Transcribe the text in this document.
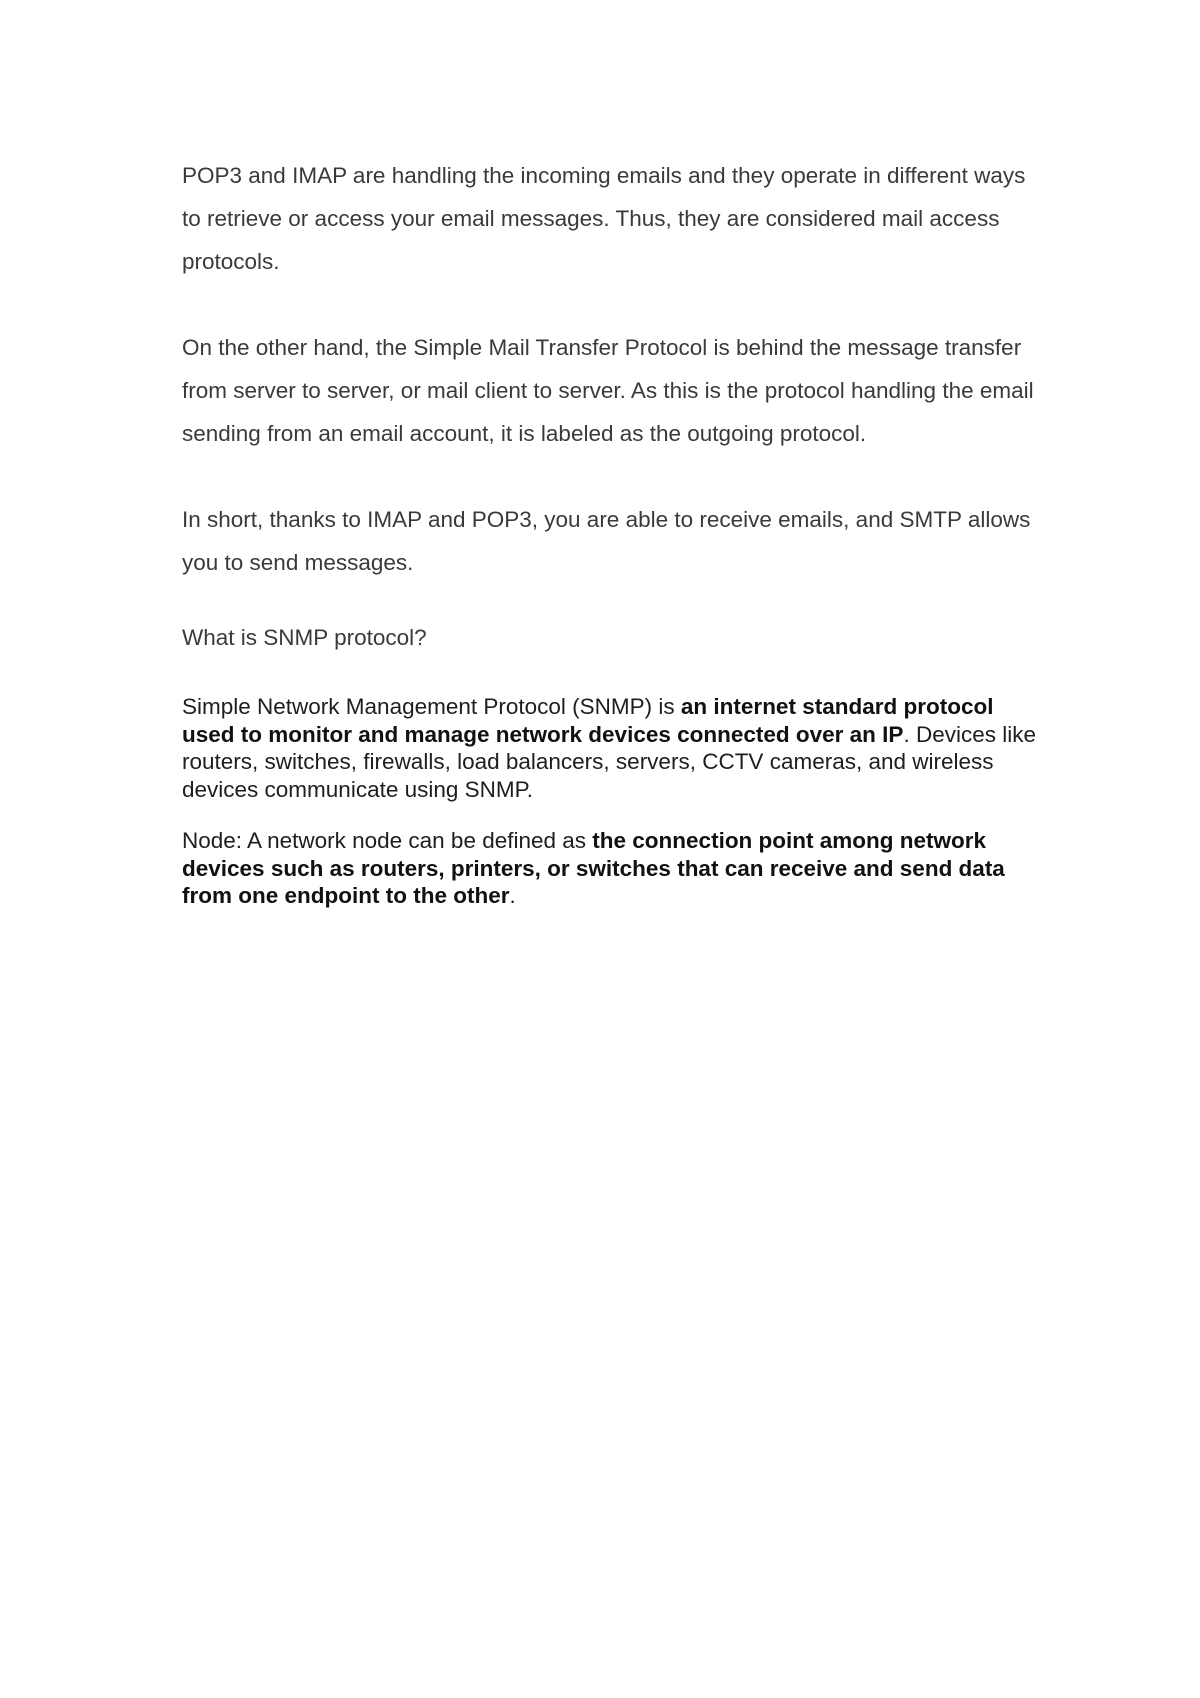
POP3 and IMAP are handling the incoming emails and they operate in different ways to retrieve or access your email messages. Thus, they are considered mail access protocols.

On the other hand, the Simple Mail Transfer Protocol is behind the message transfer from server to server, or mail client to server. As this is the protocol handling the email sending from an email account, it is labeled as the outgoing protocol.

In short, thanks to IMAP and POP3, you are able to receive emails, and SMTP allows you to send messages.

What is SNMP protocol?

Simple Network Management Protocol (SNMP) is an internet standard protocol used to monitor and manage network devices connected over an IP. Devices like routers, switches, firewalls, load balancers, servers, CCTV cameras, and wireless devices communicate using SNMP.

Node: A network node can be defined as the connection point among network devices such as routers, printers, or switches that can receive and send data from one endpoint to the other.
